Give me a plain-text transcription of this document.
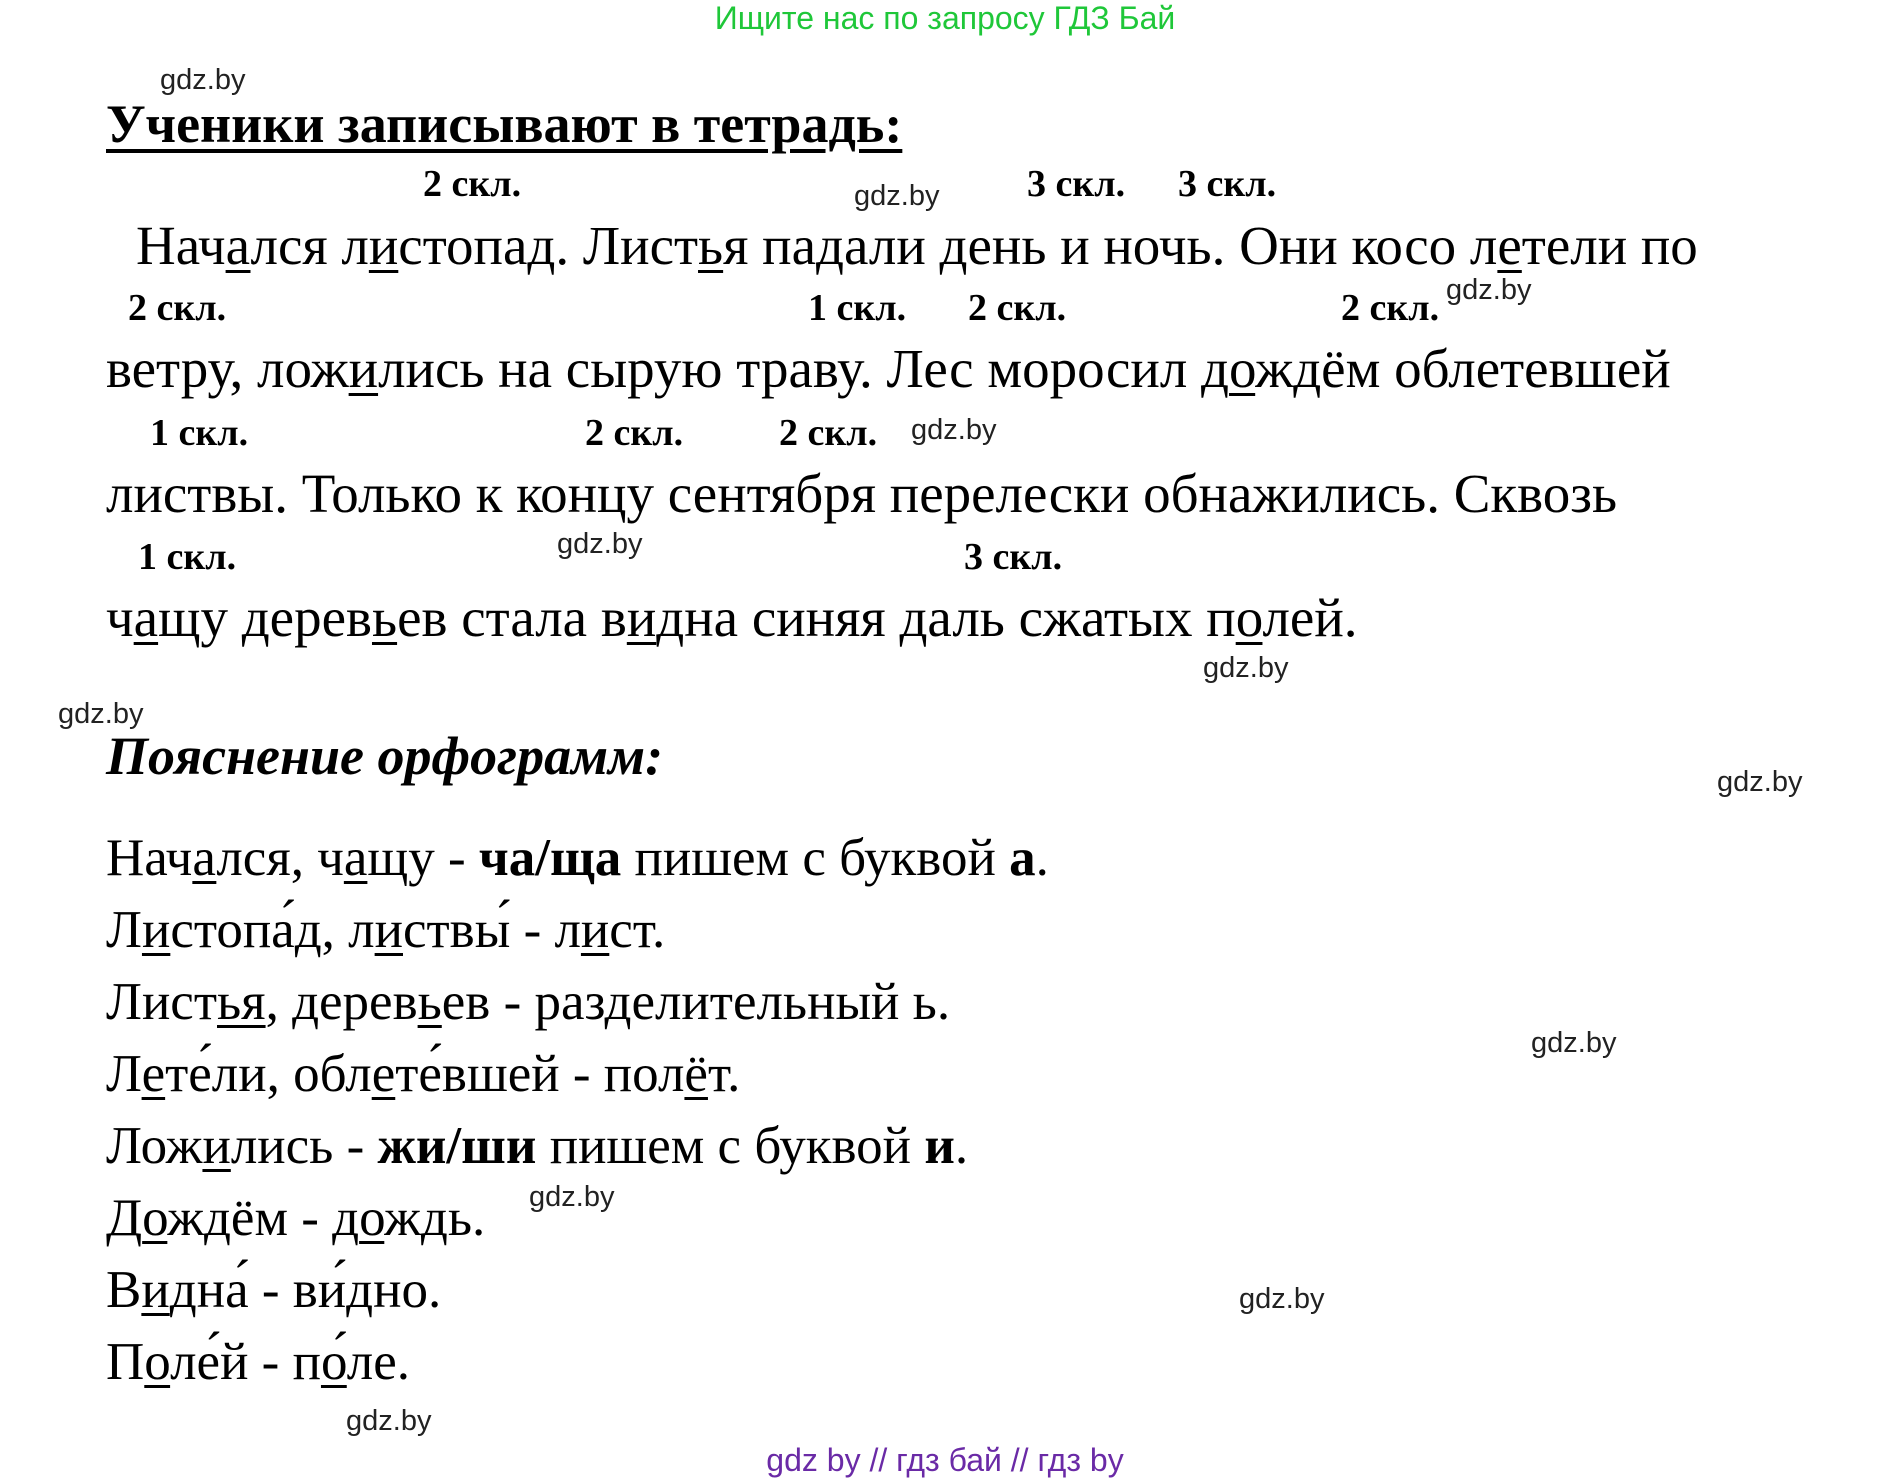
Ищите нас по запросу ГДЗ Бай
gdz.by
gdz.by
gdz.by
gdz.by
gdz.by
gdz.by
gdz.by
gdz.by
gdz.by
gdz.by
gdz.by
gdz.by
Ученики записывают в тетрадь:
2 скл.	3 скл. 3 скл.
2 скл.	1 скл. 2 скл.	2 скл.
1 скл.	2 скл.	2 скл.
1 скл.	3 скл.
Начался листопад. Листья падали день и ночь. Они косо летели по
ветру, ложились на сырую траву. Лес моросил дождём облетевшей
листвы. Только к концу сентября перелески обнажились. Сквозь
чащу деревьев стала видна синяя даль сжатых полей.
Пояснение орфограмм:
Начался, чащу - ча/ща пишем с буквой а.
Листопа́д, листвы́ - лист.
Листья, деревьев - разделительный ь.
Лете́ли, облете́вшей - полёт.
Ложились - жи/ши пишем с буквой и.
Дождём - дождь.
Видна́ - ви́дно.
Поле́й - по́ле.
gdz by // гдз бай // гдз by
